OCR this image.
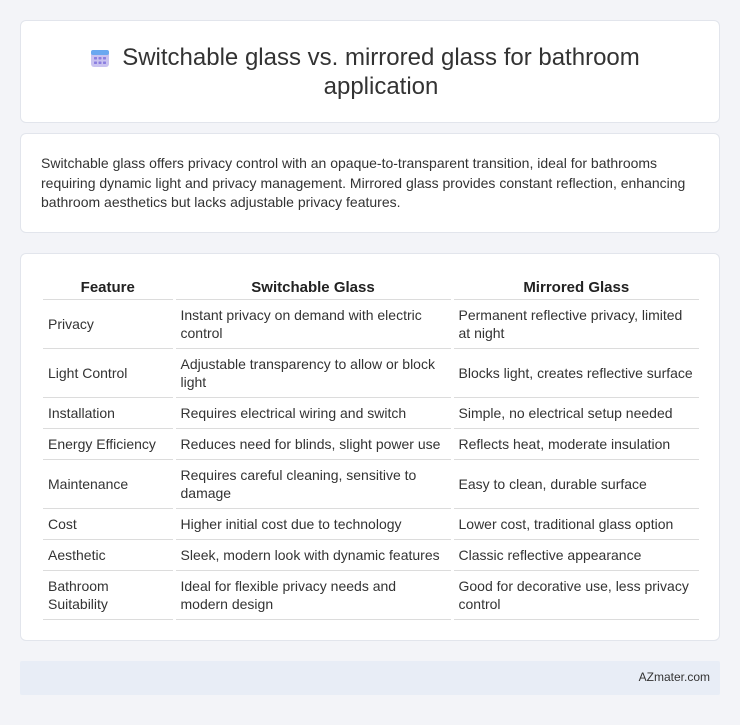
Switchable glass vs. mirrored glass for bathroom application

Switchable glass offers privacy control with an opaque-to-transparent transition, ideal for bathrooms requiring dynamic light and privacy management. Mirrored glass provides constant reflection, enhancing bathroom aesthetics but lacks adjustable privacy features.

Feature	Switchable Glass	Mirrored Glass
Privacy	Instant privacy on demand with electric control	Permanent reflective privacy, limited at night
Light Control	Adjustable transparency to allow or block light	Blocks light, creates reflective surface
Installation	Requires electrical wiring and switch	Simple, no electrical setup needed
Energy Efficiency	Reduces need for blinds, slight power use	Reflects heat, moderate insulation
Maintenance	Requires careful cleaning, sensitive to damage	Easy to clean, durable surface
Cost	Higher initial cost due to technology	Lower cost, traditional glass option
Aesthetic	Sleek, modern look with dynamic features	Classic reflective appearance
Bathroom Suitability	Ideal for flexible privacy needs and modern design	Good for decorative use, less privacy control
AZmater.com
